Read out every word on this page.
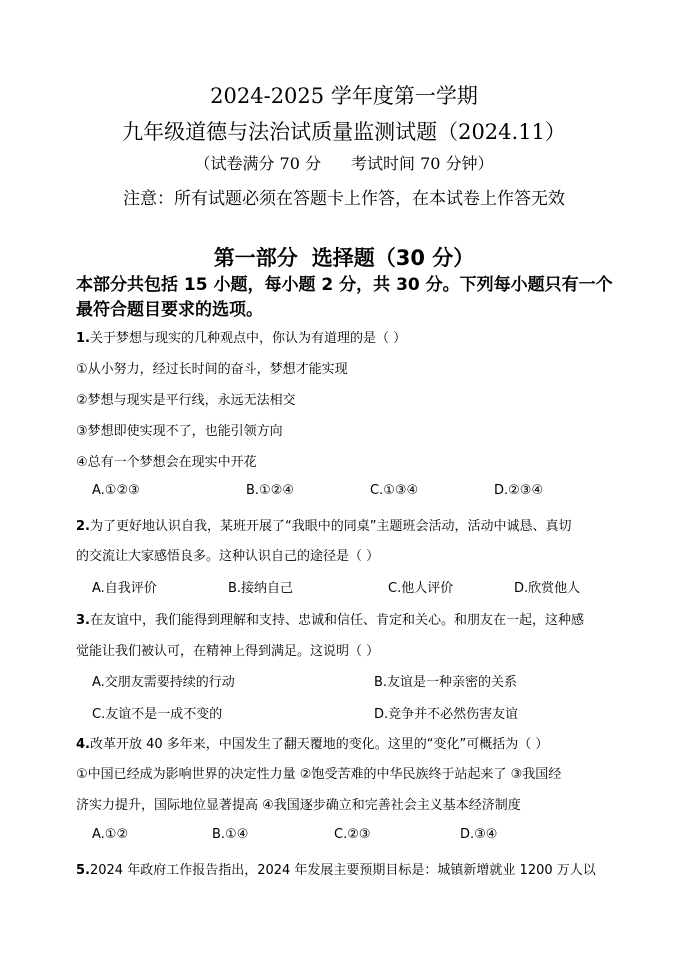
2024-2025 学年度第一学期
九年级道德与法治试质量监测试题（2024.11）
（试卷满分 70 分 考试时间 70 分钟）
注意：所有试题必须在答题卡上作答，在本试卷上作答无效
第一部分 选择题（30 分）
本部分共包括 15 小题，每小题 2 分，共 30 分。下列每小题只有一个最符合题目要求的选项。
1.关于梦想与现实的几种观点中，你认为有道理的是（ ）
①从小努力，经过长时间的奋斗，梦想才能实现
②梦想与现实是平行线，永远无法相交
③梦想即使实现不了，也能引领方向
④总有一个梦想会在现实中开花
A.①②③	B.①②④	C.①③④	D.②③④
2.为了更好地认识自我，某班开展了“我眼中的同桌”主题班会活动，活动中诚恳、真切
的交流让大家感悟良多。这种认识自己的途径是（ ）
A.自我评价	B.接纳自己	C.他人评价	D.欣赏他人
3.在友谊中，我们能得到理解和支持、忠诚和信任、肯定和关心。和朋友在一起，这种感
觉能让我们被认可，在精神上得到满足。这说明（ ）
A.交朋友需要持续的行动	B.友谊是一种亲密的关系
C.友谊不是一成不变的	D.竞争并不必然伤害友谊
4.改革开放 40 多年来，中国发生了翻天覆地的变化。这里的“变化”可概括为（ ）
①中国已经成为影响世界的决定性力量 ②饱受苦难的中华民族终于站起来了 ③我国经
济实力提升，国际地位显著提高 ④我国逐步确立和完善社会主义基本经济制度
A.①②	B.①④	C.②③	D.③④
5.2024 年政府工作报告指出，2024 年发展主要预期目标是：城镇新增就业 1200 万人以
